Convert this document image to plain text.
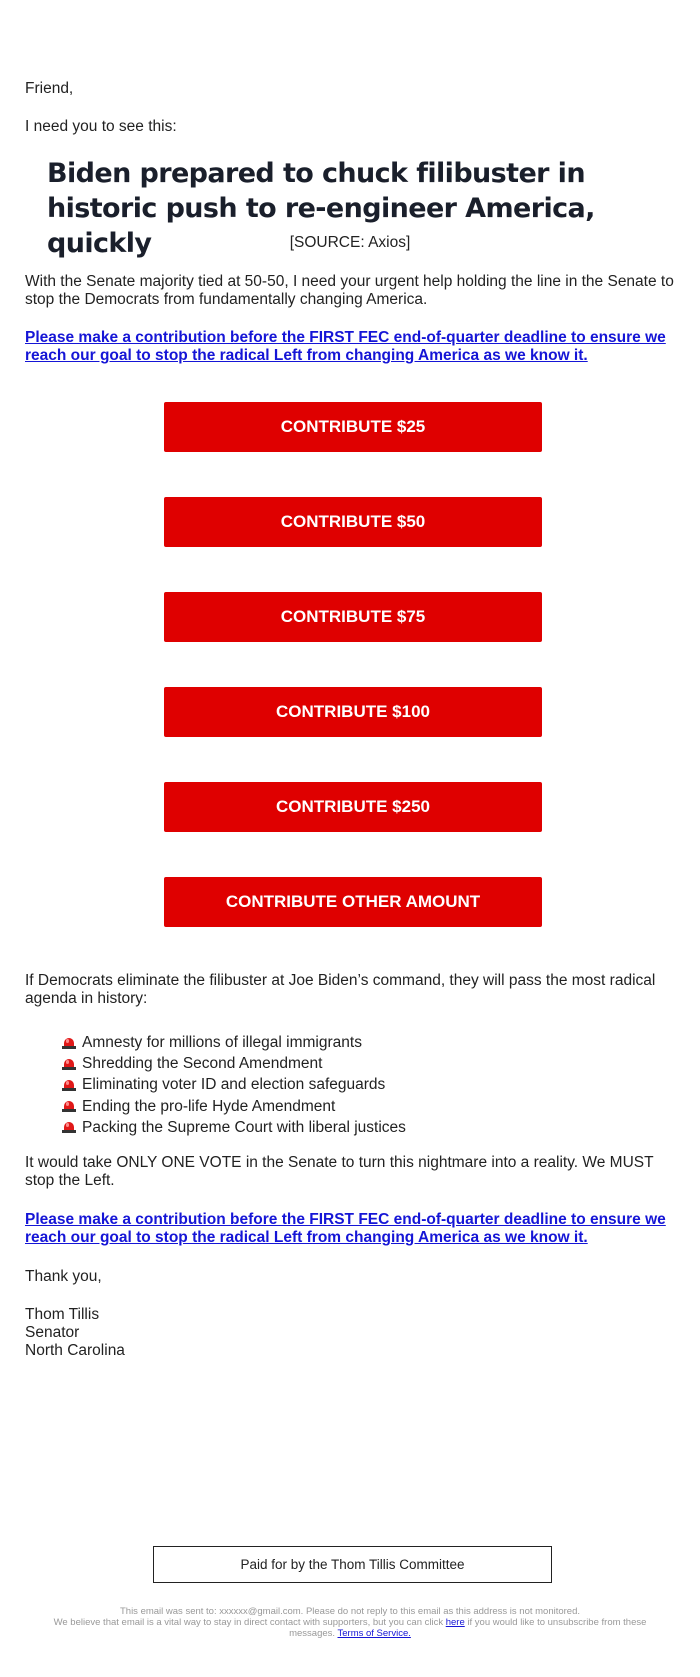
Friend,

I need you to see this:

Biden prepared to chuck filibuster in historic push to re-engineer America, quickly	[SOURCE: Axios]

With the Senate majority tied at 50-50, I need your urgent help holding the line in the Senate to stop the Democrats from fundamentally changing America.

Please make a contribution before the FIRST FEC end-of-quarter deadline to ensure we reach our goal to stop the radical Left from changing America as we know it.
CONTRIBUTE $25
CONTRIBUTE $50
CONTRIBUTE $75
CONTRIBUTE $100
CONTRIBUTE $250
CONTRIBUTE OTHER AMOUNT

If Democrats eliminate the filibuster at Joe Biden’s command, they will pass the most radical agenda in history:

Amnesty for millions of illegal immigrants
Shredding the Second Amendment
Eliminating voter ID and election safeguards
Ending the pro-life Hyde Amendment
Packing the Supreme Court with liberal justices

It would take ONLY ONE VOTE in the Senate to turn this nightmare into a reality. We MUST stop the Left.

Please make a contribution before the FIRST FEC end-of-quarter deadline to ensure we reach our goal to stop the radical Left from changing America as we know it.

Thank you,

Thom Tillis
Senator
North Carolina
Paid for by the Thom Tillis Committee
This email was sent to: xxxxxx@gmail.com. Please do not reply to this email as this address is not monitored.
We believe that email is a vital way to stay in direct contact with supporters, but you can click here if you would like to unsubscribe from these messages. Terms of Service.
